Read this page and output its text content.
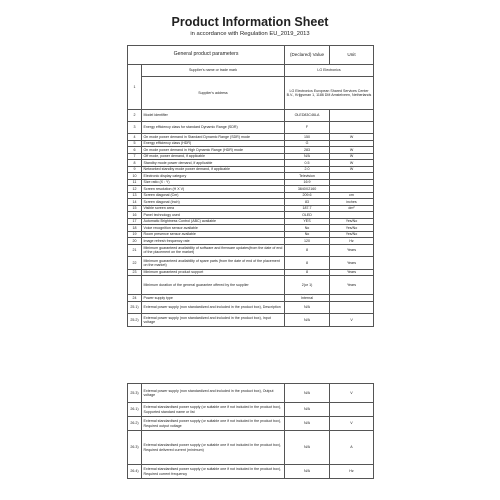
Product Information Sheet
in accordance with Regulation EU_2019_2013
General product parameters		(Declared) Value	Unit
1	Supplier's name or trade mark	LG Electronics	
	Supplier's address	LG Electronics European Shared Services Center B.V., Krijgsman 1, 1186 DM Amstelveen, Netherlands	
2	Model identifier	OLED83C46LA	
3	Energy efficiency class for standard Dynamic Range (SDR)	F	
4	On mode power demand in Standard Dynamic Range (SDR) mode	150	W
5	Energy efficiency class (HDR)	G	
6	On mode power demand in High Dynamic Range (HDR) mode	283	W
7	Off mode, power demand, if applicable	N/A	W
8	Standby mode power demand, if applicable	0.5	W
9	Networked standby mode power demand, if applicable	2.0	W
10	Electronic display category	Television	
11	Size ratio (X : Y)	16:9	
12	Screen resolution (H X V)	3840X2160	
13	Screen diagonal (Cm)	209.6	cm
14	Screen diagonal (Inch)	83	inches
15	Visible screen area	187.7	dm²
16	Panel technology used	OLED	
17	Automatic Brightness Control (ABC) available	YES	Yes/No
18	Voice recognition sensor available	No	Yes/No
19	Room presence sensor available	No	Yes/No
20	Image refresh frequency rate	120	Hz
21	Minimum guaranteed availability of software and firmware updates(from the date of end of the placement on the market)	8	Years
22	Minimum guaranteed availability of spare parts (from the date of end of the placement on the market)	8	Years
23	Minimum guaranteed product support	8	Years
	Minimum duration of the general guarantee offered by the supplier	2(or 1)	Years
24	Power supply type	Internal	
25.1)	External power supply (non standardized and included in the product box), Description	N/A	
25.2)	External power supply (non standardized and included in the product box), Input voltage	N/A	V
25.3)	External power supply (non standardized and included in the product box), Output voltage	N/A	V
26.1)	External standardised power supply (or suitable one if not included in the product box), Supported standard name or list	N/A	
26.2)	External standardised power supply (or suitable one if not included in the product box), Required output voltage	N/A	V
26.3)	External standardised power supply (or suitable one if not included in the product box), Required delivered current (minimum)	N/A	A
26.4)	External standardised power supply (or suitable one if not included in the product box), Required current frequency	N/A	Hz
